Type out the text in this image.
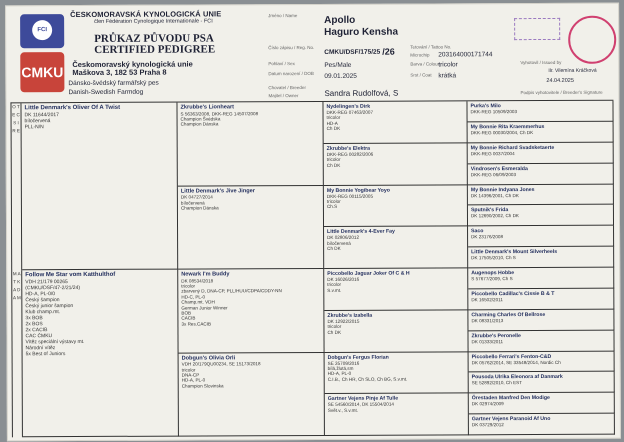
FCI
CMKU
ČESKOMORAVSKÁ KYNOLOGICKÁ UNIE
člen Fédération Cynologique Internationale - FCI
PRŮKAZ PŮVODU PSA
CERTIFIED PEDIGREE
Českomoravský kynologická unie
Maškova 3, 182 53 Praha 8
Dánsko-švédský farmářský pes
Danish-Swedish Farmdog
Jméno / Name
Číslo zápisu / Reg. No.
Pohlaví / Sex
Datum narození / DOB
Chovatel / Breeder
Majitel / Owner
Apollo
Haguro Kensha
CMKU/DSF/175/25 /26
Pes/Male
09.01.2025
Sandra Rudolfová, S
Tetování / Tattoo No.
Microchip
Barva / Colour
Srst / Coat
203164000171744
tricolor
krátká
Vyhotovil / Issued by
Ilr. Vilemína Kráčková
24.04.2025
Podpis vyhotovitele / Breeder's Signature
O T E C S I R E
M A T K A D A M
Little Denmark's Oliver Of A Twist
DK 11644/2017
bíločervená
PLL-N/N
Follow Me Star vom Katthulthof
VDH 21/179 00265
(CMKU/DSF/47-2/21/24)
HD-A, PL-0/0
Český šampion
Český junior šampion
Klub champ.mt.
3x BOB
2x BOS
2x CACIB
CAC ČMKU
Vítěz speciální výstavy mt.
Národní vítěz
5x Best of Juniors
Zkrubbe's Lionheart
S 56363/2008, DKK-REG 14507/2008
Champion Švédska
Champion Dánska
Little Denmark's Jive Jinger
DK 04727/2014
bíločervená
Champion Dánska
Newark I'm Buddy
DK 08534/2018
tricolor
zbarvený D, DNA-CP, PLL/HUU/CDPA/CDDY-NN
HD-C, PL-0
Champ.mt. VDH
German Junior Winner
BOB
CACIB
3x Res.CACIB
Dobgun's Olivia Orli
VDH 20/179QU00234, SE 15173/2018
tricolor
DNA-CP
HD-A, PL-0
Champion Slovinska
Nydelingen's Dirk
DKK-REG 07463/2007
tricolor
HD-A
Ch DK
Zkrubbe's Elektra
DKK-REG 00282/2006
tricolor
Ch DK
My Bonnie Yogibear Yoyo
DKK-REG 00115/2005
tricolor
Ch.S
Little Denmark's 4-Ever Fay
DK 02806/2012
bíločervená
Ch DK
Piccobello Jaguar Joker Of C & H
DK 16026/2016
tricolor
S.v.mt.
Zkrubbe's Izabella
DK 12922/2015
tricolor
Ch DK
Dobgun's Fergus Florian
SE 35709/2016
bílá,žlutá,sm
HD-A, PL-0
C.I.B., Ch HR, Ch SLO, Ch BG, S.v.mt.
Gartner Vejens Pinje Af Tulle
SE 54560/2014, DK 15504/2014
Svět.v., S.v.mt.
Purka's Milo
DKK-REG 10509/2003
My Bonnie Rita Kraemmerhus
DKK-REG 00030/2004, Ch DK
My Bonnie Richard Svadsketaerte
DKK-REG 0037/2004
Vindrosen's Esmeralda
DKK-REG 06/09/2003
My Bonnie Indyana Jones
DK 14396/2001, Ch DK
Sputnik's Frida
DK 12690/2002, Ch DK
Saco
DK 23176/2008
Little Denmark's Mount Silverheels
DK 17505/2010, Ch S
Augenops Hobbe
S 57677/2009, Ch S
Piccobello Cadillac's Cissie B & T
DK 16502/2011
Charming Charles Of Bellrose
DK 08331/2013
Zkrubbe's Peronelle
DK 01333/2011
Piccobello Ferrari's Fenton-C&D
DK 05762/2014, SE 33548/2014, Nordic Ch
Pousoda Ulrika Eleonora af Danmark
SE 52892/2010, Ch EST
Örestaden Manfred Den Modige
DK 02974/2009
Gartner Vejens Paranoid Af Uno
DK 03729/2012
